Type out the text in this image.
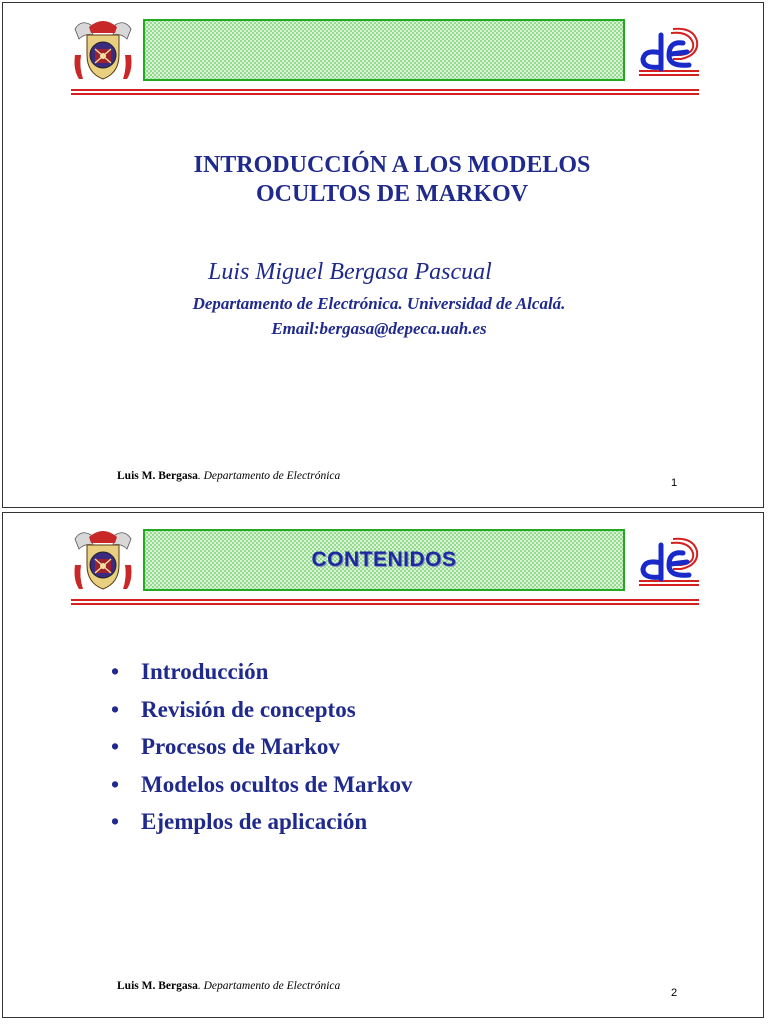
INTRODUCCIÓN A LOS MODELOS
OCULTOS DE MARKOV

Luis Miguel Bergasa Pascual

Departamento de Electrónica. Universidad de Alcalá.
Email:bergasa@depeca.uah.es

Luis M. Bergasa. Departamento de Electrónica
1
CONTENIDOS
• Introducción
• Revisión de conceptos
• Procesos de Markov
• Modelos ocultos de Markov
• Ejemplos de aplicación
Luis M. Bergasa. Departamento de Electrónica
2
